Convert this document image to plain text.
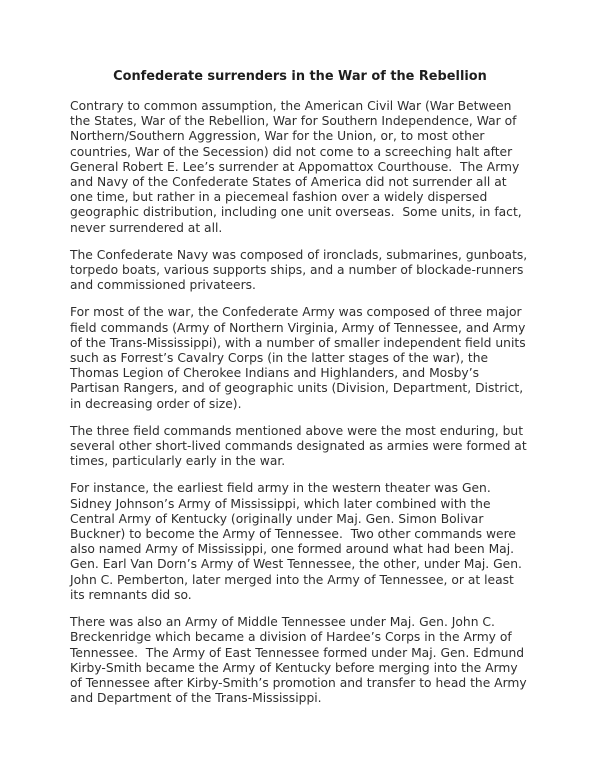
Confederate surrenders in the War of the Rebellion

Contrary to common assumption, the American Civil War (War Between the States, War of the Rebellion, War for Southern Independence, War of Northern/Southern Aggression, War for the Union, or, to most other countries, War of the Secession) did not come to a screeching halt after General Robert E. Lee’s surrender at Appomattox Courthouse.  The Army and Navy of the Confederate States of America did not surrender all at one time, but rather in a piecemeal fashion over a widely dispersed geographic distribution, including one unit overseas.  Some units, in fact, never surrendered at all.

The Confederate Navy was composed of ironclads, submarines, gunboats, torpedo boats, various supports ships, and a number of blockade-runners and commissioned privateers.

For most of the war, the Confederate Army was composed of three major field commands (Army of Northern Virginia, Army of Tennessee, and Army of the Trans-Mississippi), with a number of smaller independent field units such as Forrest’s Cavalry Corps (in the latter stages of the war), the Thomas Legion of Cherokee Indians and Highlanders, and Mosby’s Partisan Rangers, and of geographic units (Division, Department, District, in decreasing order of size).

The three field commands mentioned above were the most enduring, but several other short-lived commands designated as armies were formed at times, particularly early in the war.

For instance, the earliest field army in the western theater was Gen. Sidney Johnson’s Army of Mississippi, which later combined with the Central Army of Kentucky (originally under Maj. Gen. Simon Bolivar Buckner) to become the Army of Tennessee.  Two other commands were also named Army of Mississippi, one formed around what had been Maj. Gen. Earl Van Dorn’s Army of West Tennessee, the other, under Maj. Gen. John C. Pemberton, later merged into the Army of Tennessee, or at least its remnants did so.

There was also an Army of Middle Tennessee under Maj. Gen. John C. Breckenridge which became a division of Hardee’s Corps in the Army of Tennessee.  The Army of East Tennessee formed under Maj. Gen. Edmund Kirby-Smith became the Army of Kentucky before merging into the Army of Tennessee after Kirby-Smith’s promotion and transfer to head the Army and Department of the Trans-Mississippi.
